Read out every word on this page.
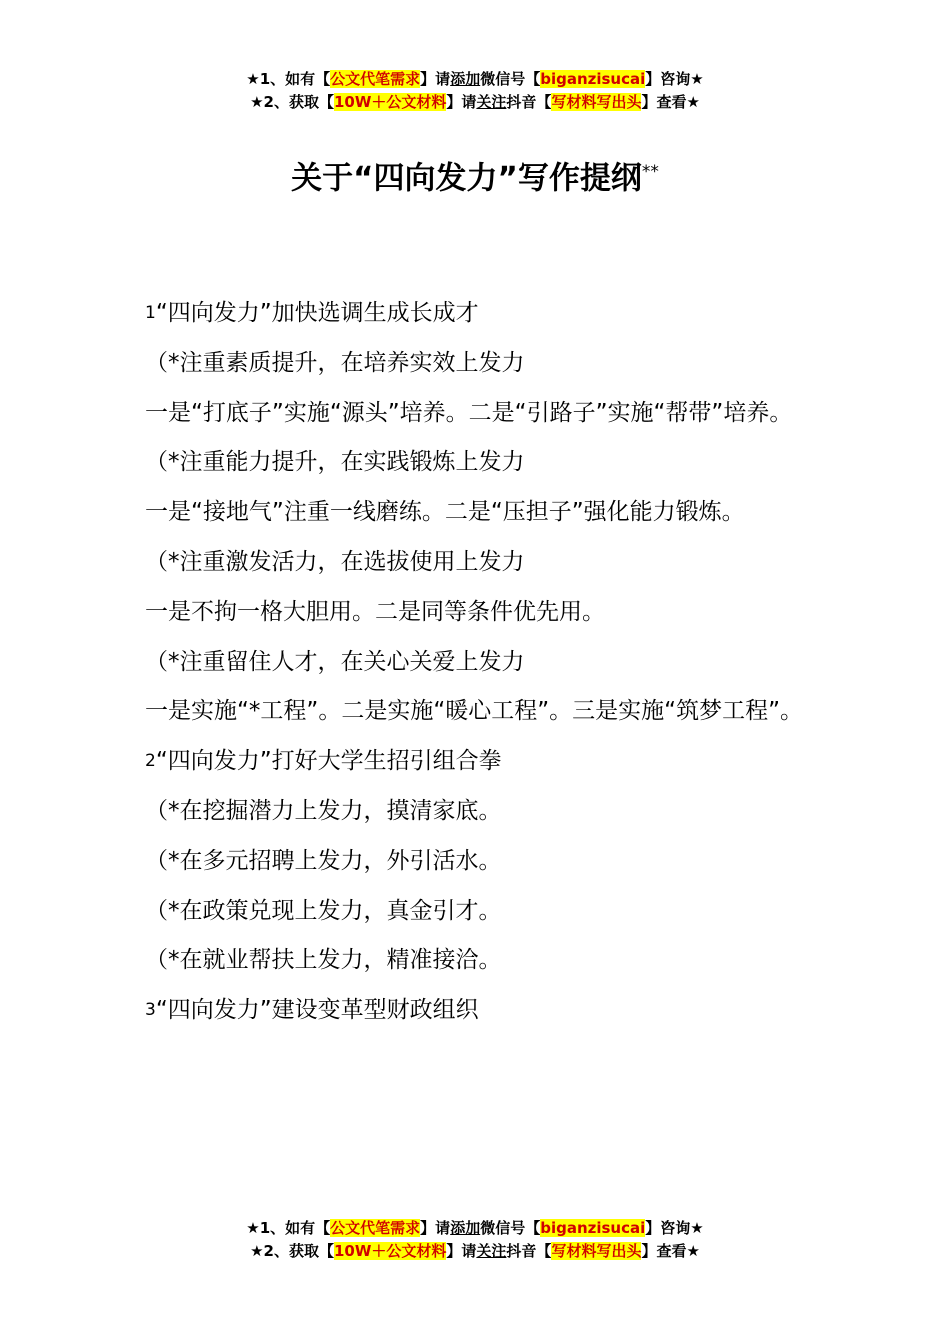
★1、如有【公文代笔需求】请添加微信号【biganzisucai】咨询★
★2、获取【10W＋公文材料】请关注抖音【写材料写出头】查看★
关于“四向发力”写作提纲**

1“四向发力”加快选调生成长成才

（*注重素质提升，在培养实效上发力

一是“打底子”实施“源头”培养。二是“引路子”实施“帮带”培养。

（*注重能力提升，在实践锻炼上发力

一是“接地气”注重一线磨练。二是“压担子”强化能力锻炼。

（*注重激发活力，在选拔使用上发力

一是不拘一格大胆用。二是同等条件优先用。

（*注重留住人才，在关心关爱上发力

一是实施“*工程”。二是实施“暖心工程”。三是实施“筑梦工程”。

2“四向发力”打好大学生招引组合拳

（*在挖掘潜力上发力，摸清家底。

（*在多元招聘上发力，外引活水。

（*在政策兑现上发力，真金引才。

（*在就业帮扶上发力，精准接洽。

3“四向发力”建设变革型财政组织

★1、如有【公文代笔需求】请添加微信号【biganzisucai】咨询★
★2、获取【10W＋公文材料】请关注抖音【写材料写出头】查看★
